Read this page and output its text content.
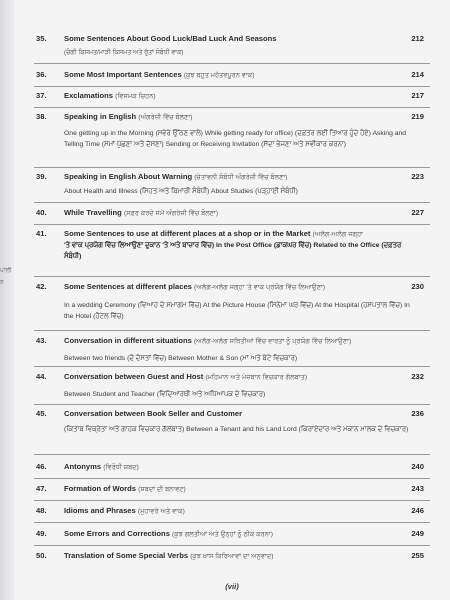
ਪਾਲੀ
ਨ
35. Some Sentences About Good Luck/Bad Luck And Seasons	212
(ਚੰਗੀ ਕਿਸਮਤ/ਮਾੜੀ ਕਿਸਮਤ ਅਤੇ ਰੁੱਤਾਂ ਸੰਬੰਧੀ ਵਾਕ)
36. Some Most Important Sentences (ਕੁਝ ਬਹੁਤ ਮਹੱਤਵਪੂਰਨ ਵਾਕ)	214
37. Exclamations (ਵਿਸਮਕ ਚਿਹਨ)	217
38. Speaking in English (ਅੰਗਰੇਜ਼ੀ ਵਿੱਚ ਬੋਲਣਾ)	219
One getting up in the Morning (ਸਵੇਰੇ ਉੱਠਣ ਵਾਲੇ) While getting ready for office) (ਦਫ਼ਤਰ ਲਈ ਤਿਆਰ ਹੁੰਦੇ ਹੋਏ) Asking and Telling Time (ਸਮਾਂ ਪੁੱਛਣਾ ਅਤੇ ਦੱਸਣਾ) Sending or Receiving Invitation (ਸੱਦਾ ਭੇਜਣਾ ਅਤੇ ਸਵੀਕਾਰ ਕਰਨਾ)
39. Speaking in English About Warning (ਚੇਤਾਵਨੀ ਸੰਬੰਧੀ ਅੰਗਰੇਜ਼ੀ ਵਿੱਚ ਬੋਲਣਾ)	223
About Health and Illness (ਸਿਹਤ ਅਤੇ ਬਿਮਾਰੀ ਸੰਬੰਧੀ) About Studies (ਪੜ੍ਹਾਈ ਸੰਬੰਧੀ)
40. While Travelling (ਸਫ਼ਰ ਕਰਦੇ ਸਮੇਂ ਅੰਗਰੇਜ਼ੀ ਵਿੱਚ ਬੋਲਣਾ)	227
41. Some Sentences to use at different places at a shop or in the Market (ਅਲੱਗ-ਅਲੱਗ ਜਗ੍ਹਾ
'ਤੇ ਵਾਕ ਪ੍ਰਯੋਗ ਵਿੱਚ ਲਿਆਉਣਾ ਦੁਕਾਨ 'ਤੇ ਅਤੇ ਬਾਜ਼ਾਰ ਵਿੱਚ) In the Post Office (ਡਾਕਘਰ ਵਿੱਚ) Related to the Office (ਦਫ਼ਤਰ ਸੰਬੰਧੀ)
42. Some Sentences at different places (ਅਲੱਗ-ਅਲੱਗ ਜਗ੍ਹਾ 'ਤੇ ਵਾਕ ਪ੍ਰਯੋਗ ਵਿੱਚ ਲਿਆਉਣਾ)	230
In a wedding Ceremony (ਵਿਆਹ ਦੇ ਸਮਾਗਮ ਵਿੱਚ) At the Picture House (ਸਿਨੇਮਾ ਘਰ ਵਿੱਚ) At the Hospital (ਹਸਪਤਾਲ ਵਿੱਚ) In the Hotel (ਹੋਟਲ ਵਿੱਚ)
43. Conversation in different situations (ਅਲੱਗ-ਅਲੱਗ ਸਥਿਤੀਆਂ ਵਿੱਚ ਵਾਰਤਾ ਨੂੰ ਪ੍ਰਯੋਗ ਵਿੱਚ ਲਿਆਉਣਾ)
Between two friends (ਦੋ ਦੋਸਤਾਂ ਵਿੱਚ) Between Mother & Son (ਮਾਂ ਅਤੇ ਬੇਟੇ ਵਿਚਕਾਰ)
44. Conversation between Guest and Host (ਮਹਿਮਾਨ ਅਤੇ ਮੇਜ਼ਬਾਨ ਵਿਚਕਾਰ ਗੱਲਬਾਤ)	232
Between Student and Teacher (ਵਿਦਿਆਰਥੀ ਅਤੇ ਅਧਿਆਪਕ ਦੇ ਵਿਚਕਾਰ)
45. Conversation between Book Seller and Customer	236
(ਕਿਤਾਬ ਵਿਕ੍ਰੇਤਾ ਅਤੇ ਗਾਹਕ ਵਿਚਕਾਰ ਗੱਲਬਾਤ) Between a Tenant and his Land Lord (ਕਿਰਾਏਦਾਰ ਅਤੇ ਮਕਾਨ ਮਾਲਕ ਦੇ ਵਿਚਕਾਰ)
46. Antonyms (ਵਿਰੋਧੀ ਸ਼ਬਦ)	240
47. Formation of Words (ਸ਼ਬਦਾਂ ਦੀ ਬਨਾਵਟ)	243
48. Idioms and Phrases (ਮੁਹਾਵਰੇ ਅਤੇ ਵਾਕ)	246
49. Some Errors and Corrections (ਕੁਝ ਗਲਤੀਆਂ ਅਤੇ ਉਨ੍ਹਾਂ ਨੂੰ ਠੀਕ ਕਰਨਾ)	249
50. Translation of Some Special Verbs (ਕੁਝ ਖ਼ਾਸ ਕਿਰਿਆਵਾਂ ਦਾ ਅਨੁਵਾਦ)	255
(vii)
